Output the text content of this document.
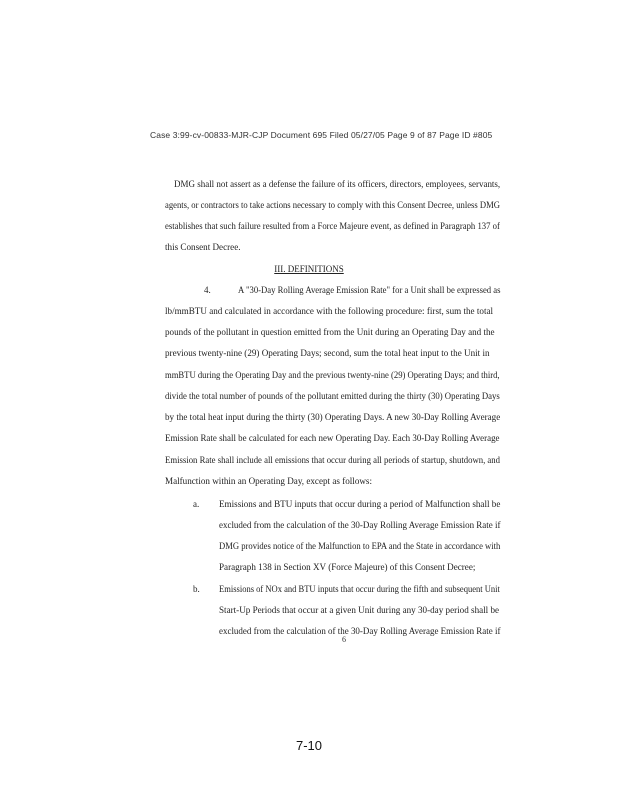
Case 3:99-cv-00833-MJR-CJP Document 695 Filed 05/27/05 Page 9 of 87 Page ID #805
DMG shall not assert as a defense the failure of its officers, directors, employees, servants,
agents, or contractors to take actions necessary to comply with this Consent Decree, unless DMG
establishes that such failure resulted from a Force Majeure event, as defined in Paragraph 137 of
this Consent Decree.
III. DEFINITIONS
4.	A "30-Day Rolling Average Emission Rate" for a Unit shall be expressed as
lb/mmBTU and calculated in accordance with the following procedure: first, sum the total
pounds of the pollutant in question emitted from the Unit during an Operating Day and the
previous twenty-nine (29) Operating Days; second, sum the total heat input to the Unit in
mmBTU during the Operating Day and the previous twenty-nine (29) Operating Days; and third,
divide the total number of pounds of the pollutant emitted during the thirty (30) Operating Days
by the total heat input during the thirty (30) Operating Days. A new 30-Day Rolling Average
Emission Rate shall be calculated for each new Operating Day. Each 30-Day Rolling Average
Emission Rate shall include all emissions that occur during all periods of startup, shutdown, and
Malfunction within an Operating Day, except as follows:
a. Emissions and BTU inputs that occur during a period of Malfunction shall be
excluded from the calculation of the 30-Day Rolling Average Emission Rate if
DMG provides notice of the Malfunction to EPA and the State in accordance with
Paragraph 138 in Section XV (Force Majeure) of this Consent Decree;
b. Emissions of NOx and BTU inputs that occur during the fifth and subsequent Unit
Start-Up Periods that occur at a given Unit during any 30-day period shall be
excluded from the calculation of the 30-Day Rolling Average Emission Rate if
6
7-10
